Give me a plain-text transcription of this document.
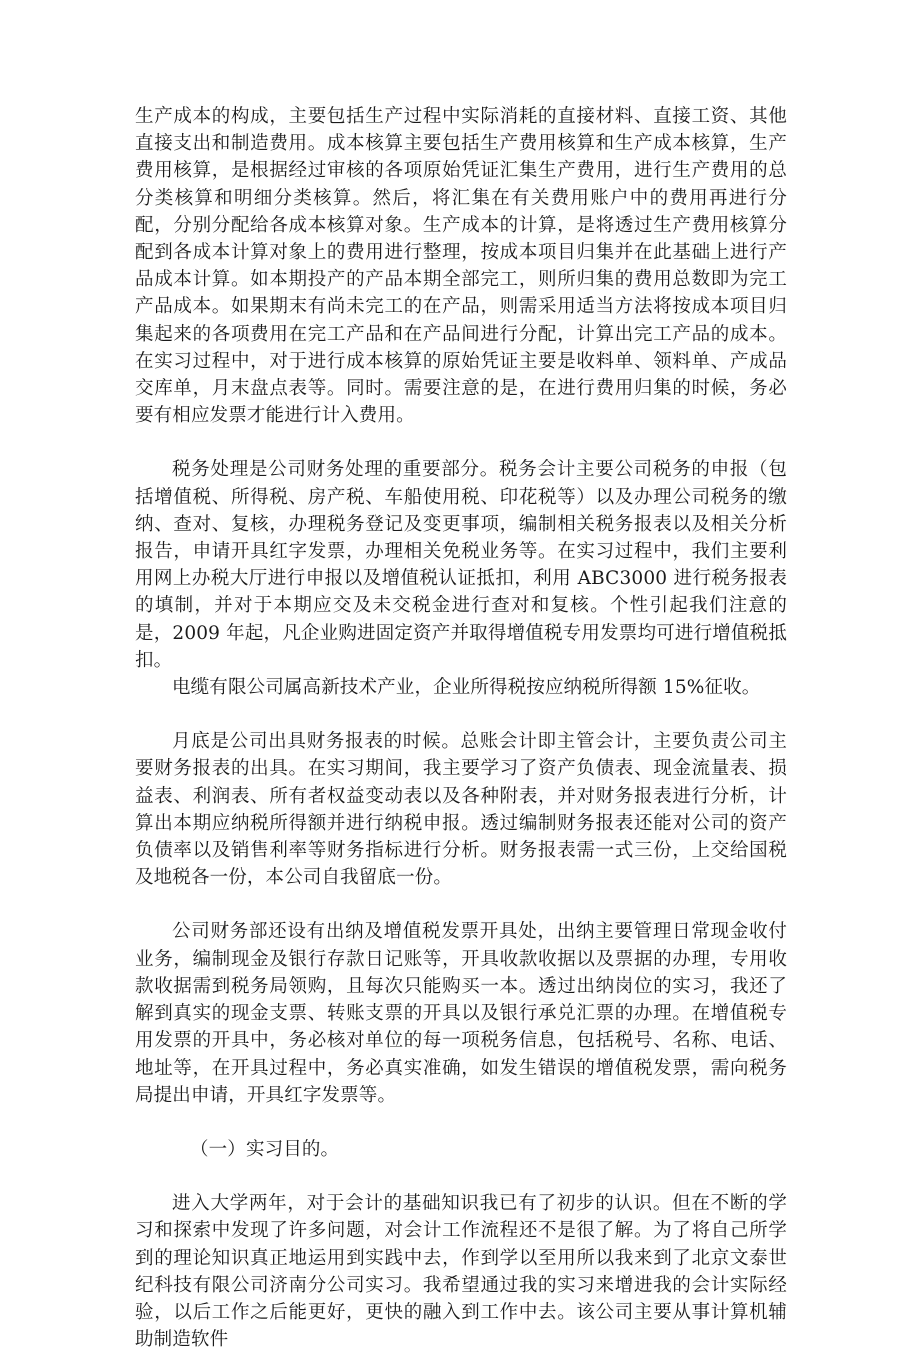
生产成本的构成，主要包括生产过程中实际消耗的直接材料、直接工资、其他直接支出和制造费用。成本核算主要包括生产费用核算和生产成本核算，生产费用核算，是根据经过审核的各项原始凭证汇集生产费用，进行生产费用的总分类核算和明细分类核算。然后，将汇集在有关费用账户中的费用再进行分配，分别分配给各成本核算对象。生产成本的计算，是将透过生产费用核算分配到各成本计算对象上的费用进行整理，按成本项目归集并在此基础上进行产品成本计算。如本期投产的产品本期全部完工，则所归集的费用总数即为完工产品成本。如果期末有尚未完工的在产品，则需采用适当方法将按成本项目归集起来的各项费用在完工产品和在产品间进行分配，计算出完工产品的成本。在实习过程中，对于进行成本核算的原始凭证主要是收料单、领料单、产成品交库单，月末盘点表等。同时。需要注意的是，在进行费用归集的时候，务必要有相应发票才能进行计入费用。

税务处理是公司财务处理的重要部分。税务会计主要公司税务的申报（包括增值税、所得税、房产税、车船使用税、印花税等）以及办理公司税务的缴纳、查对、复核，办理税务登记及变更事项，编制相关税务报表以及相关分析报告，申请开具红字发票，办理相关免税业务等。在实习过程中，我们主要利用网上办税大厅进行申报以及增值税认证抵扣，利用 ABC3000 进行税务报表的填制，并对于本期应交及未交税金进行查对和复核。个性引起我们注意的是，2009 年起，凡企业购进固定资产并取得增值税专用发票均可进行增值税抵扣。

电缆有限公司属高新技术产业，企业所得税按应纳税所得额 15%征收。

月底是公司出具财务报表的时候。总账会计即主管会计，主要负责公司主要财务报表的出具。在实习期间，我主要学习了资产负债表、现金流量表、损益表、利润表、所有者权益变动表以及各种附表，并对财务报表进行分析，计算出本期应纳税所得额并进行纳税申报。透过编制财务报表还能对公司的资产负债率以及销售利率等财务指标进行分析。财务报表需一式三份，上交给国税及地税各一份，本公司自我留底一份。

公司财务部还设有出纳及增值税发票开具处，出纳主要管理日常现金收付业务，编制现金及银行存款日记账等，开具收款收据以及票据的办理，专用收款收据需到税务局领购，且每次只能购买一本。透过出纳岗位的实习，我还了解到真实的现金支票、转账支票的开具以及银行承兑汇票的办理。在增值税专用发票的开具中，务必核对单位的每一项税务信息，包括税号、名称、电话、地址等，在开具过程中，务必真实准确，如发生错误的增值税发票，需向税务局提出申请，开具红字发票等。

（一）实习目的。

进入大学两年，对于会计的基础知识我已有了初步的认识。但在不断的学习和探索中发现了许多问题，对会计工作流程还不是很了解。为了将自己所学到的理论知识真正地运用到实践中去，作到学以至用所以我来到了北京文泰世纪科技有限公司济南分公司实习。我希望通过我的实习来增进我的会计实际经验，以后工作之后能更好，更快的融入到工作中去。该公司主要从事计算机辅助制造软件
